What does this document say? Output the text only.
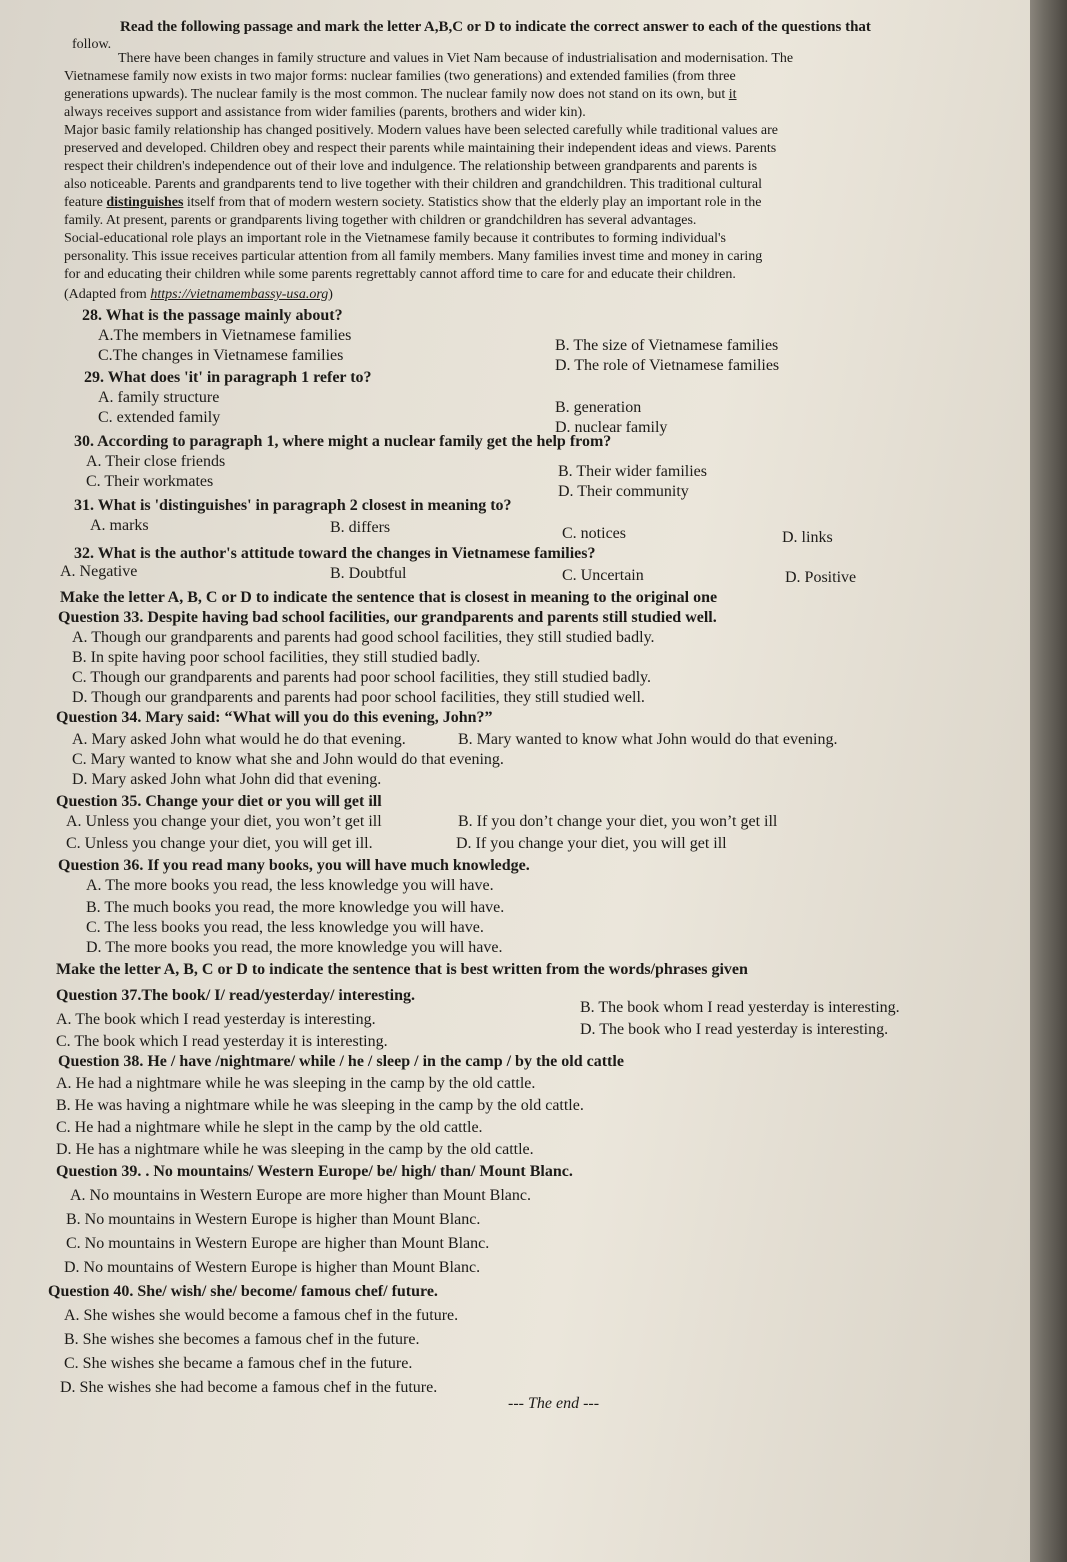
Read the following passage and mark the letter A,B,C or D to indicate the correct answer to each of the questions that
follow.
There have been changes in family structure and values in Viet Nam because of industrialisation and modernisation. The
Vietnamese family now exists in two major forms: nuclear families (two generations) and extended families (from three
generations upwards). The nuclear family is the most common. The nuclear family now does not stand on its own, but it
always receives support and assistance from wider families (parents, brothers and wider kin).
Major basic family relationship has changed positively. Modern values have been selected carefully while traditional values are
preserved and developed. Children obey and respect their parents while maintaining their independent ideas and views. Parents
respect their children's independence out of their love and indulgence. The relationship between grandparents and parents is
also noticeable. Parents and grandparents tend to live together with their children and grandchildren. This traditional cultural
feature distinguishes itself from that of modern western society. Statistics show that the elderly play an important role in the
family. At present, parents or grandparents living together with children or grandchildren has several advantages.
Social-educational role plays an important role in the Vietnamese family because it contributes to forming individual's
personality. This issue receives particular attention from all family members. Many families invest time and money in caring
for and educating their children while some parents regrettably cannot afford time to care for and educate their children.
(Adapted from https://vietnamembassy-usa.org)
28. What is the passage mainly about?
A.The members in Vietnamese families
B. The size of Vietnamese families
C.The changes in Vietnamese families
D. The role of Vietnamese families
29. What does 'it' in paragraph 1 refer to?
A. family structure
B. generation
C. extended family
D. nuclear family
30. According to paragraph 1, where might a nuclear family get the help from?
A. Their close friends
B. Their wider families
C. Their workmates
D. Their community
31. What is 'distinguishes' in paragraph 2 closest in meaning to?
A. marks	B. differs	C. notices	D. links
32. What is the author's attitude toward the changes in Vietnamese families?
A. Negative	B. Doubtful	C. Uncertain	D. Positive
Make the letter A, B, C or D to indicate the sentence that is closest in meaning to the original one
Question 33. Despite having bad school facilities, our grandparents and parents still studied well.
A. Though our grandparents and parents had good school facilities, they still studied badly.
B. In spite having poor school facilities, they still studied badly.
C. Though our grandparents and parents had poor school facilities, they still studied badly.
D. Though our grandparents and parents had poor school facilities, they still studied well.
Question 34. Mary said: “What will you do this evening, John?”
A. Mary asked John what would he do that evening.	B. Mary wanted to know what John would do that evening.
C. Mary wanted to know what she and John would do that evening.
D. Mary asked John what John did that evening.
Question 35. Change your diet or you will get ill
A. Unless you change your diet, you won’t get ill	B. If you don’t change your diet, you won’t get ill
C. Unless you change your diet, you will get ill.	D. If you change your diet, you will get ill
Question 36. If you read many books, you will have much knowledge.
A. The more books you read, the less knowledge you will have.
B. The much books you read, the more knowledge you will have.
C. The less books you read, the less knowledge you will have.
D. The more books you read, the more knowledge you will have.
Make the letter A, B, C or D to indicate the sentence that is best written from the words/phrases given
Question 37.The book/ I/ read/yesterday/ interesting.
A. The book which I read yesterday is interesting.
B. The book whom I read yesterday is interesting.
C. The book which I read yesterday it is interesting.
D. The book who I read yesterday is interesting.
Question 38. He / have /nightmare/ while / he / sleep / in the camp / by the old cattle
A. He had a nightmare while he was sleeping in the camp by the old cattle.
B. He was having a nightmare while he was sleeping in the camp by the old cattle.
C. He had a nightmare while he slept in the camp by the old cattle.
D. He has a nightmare while he was sleeping in the camp by the old cattle.
Question 39. . No mountains/ Western Europe/ be/ high/ than/ Mount Blanc.
A. No mountains in Western Europe are more higher than Mount Blanc.
B. No mountains in Western Europe is higher than Mount Blanc.
C. No mountains in Western Europe are higher than Mount Blanc.
D. No mountains of Western Europe is higher than Mount Blanc.
Question 40. She/ wish/ she/ become/ famous chef/ future.
A. She wishes she would become a famous chef in the future.
B. She wishes she becomes a famous chef in the future.
C. She wishes she became a famous chef in the future.
D. She wishes she had become a famous chef in the future.
--- The end ---
